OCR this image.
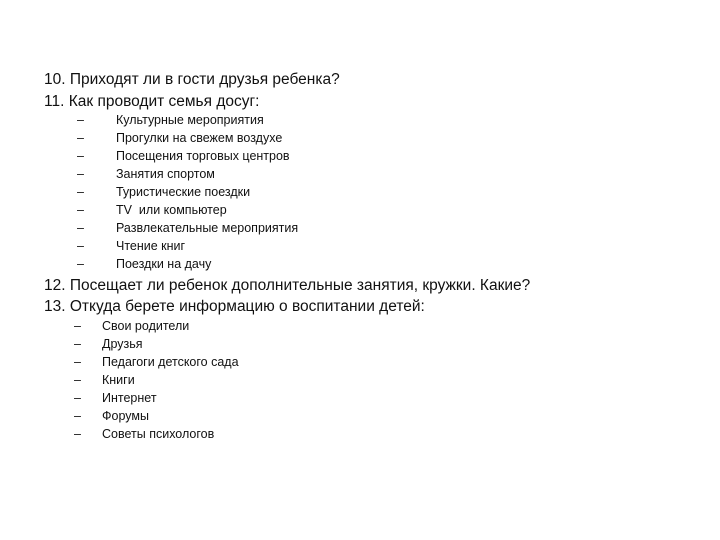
10. Приходят ли в гости друзья ребенка?
11. Как проводит семья досуг:
–	Культурные мероприятия
–	Прогулки на свежем воздухе
–	Посещения торговых центров
–	Занятия спортом
–	Туристические поездки
–	TV  или компьютер
–	Развлекательные мероприятия
–	Чтение книг
–	Поездки на дачу
12. Посещает ли ребенок дополнительные занятия, кружки. Какие?
13. Откуда берете информацию о воспитании детей:
– Свои родители
– Друзья
– Педагоги детского сада
– Книги
– Интернет
– Форумы
– Советы психологов
